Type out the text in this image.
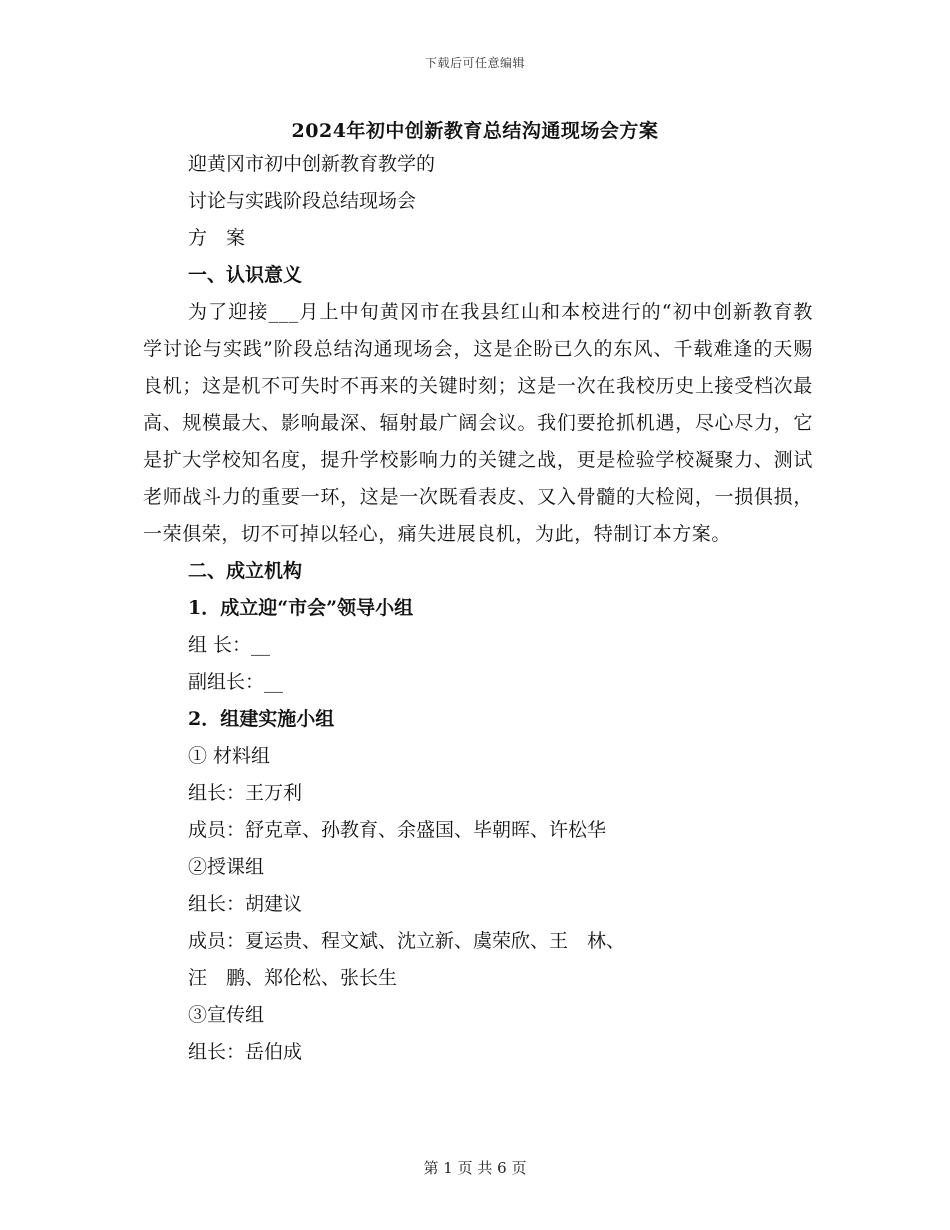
下载后可任意编辑
2024年初中创新教育总结沟通现场会方案
迎黄冈市初中创新教育教学的
讨论与实践阶段总结现场会
方　案
一、认识意义
为了迎接___月上中旬黄冈市在我县红山和本校进行的“初中创新教育教学讨论与实践”阶段总结沟通现场会，这是企盼已久的东风、千载难逢的天赐良机；这是机不可失时不再来的关键时刻；这是一次在我校历史上接受档次最高、规模最大、影响最深、辐射最广阔会议。我们要抢抓机遇，尽心尽力，它是扩大学校知名度，提升学校影响力的关键之战，更是检验学校凝聚力、测试老师战斗力的重要一环，这是一次既看表皮、又入骨髓的大检阅，一损俱损，一荣俱荣，切不可掉以轻心，痛失进展良机，为此，特制订本方案。
二、成立机构
1．成立迎“市会”领导小组
组 长：__
副组长：__
2．组建实施小组
① 材料组
组长：王万利
成员：舒克章、孙教育、余盛国、毕朝晖、许松华
②授课组
组长：胡建议
成员：夏运贵、程文斌、沈立新、虞荣欣、王　林、
汪　鹏、郑伦松、张长生
③宣传组
组长：岳伯成
第 1 页 共 6 页
